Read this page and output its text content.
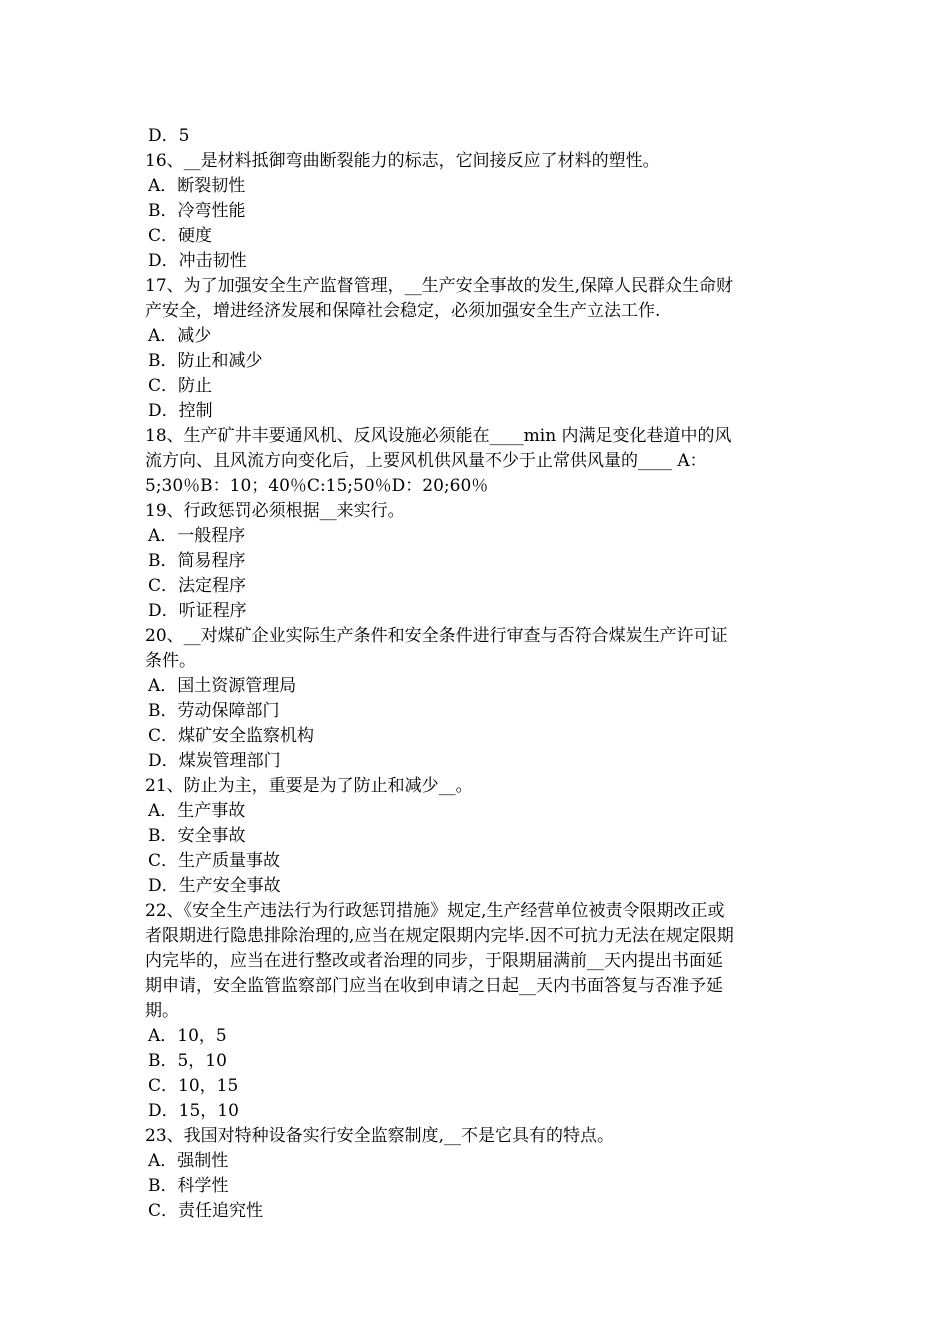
D．5
16、__是材料抵御弯曲断裂能力的标志，它间接反应了材料的塑性。
A．断裂韧性
B．冷弯性能
C．硬度
D．冲击韧性
17、为了加强安全生产监督管理，__生产安全事故的发生,保障人民群众生命财
产安全，增进经济发展和保障社会稳定，必须加强安全生产立法工作.
A．减少
B．防止和减少
C．防止
D．控制
18、生产矿井丰要通风机、反风设施必须能在____min 内满足变化巷道中的风
流方向、且风流方向变化后，上要风机供风量不少于止常供风量的____ A：
5;30％B：10；40％C:15;50％D：20;60％
19、行政惩罚必须根据__来实行。
A．一般程序
B．简易程序
C．法定程序
D．听证程序
20、__对煤矿企业实际生产条件和安全条件进行审查与否符合煤炭生产许可证
条件。
A．国土资源管理局
B．劳动保障部门
C．煤矿安全监察机构
D．煤炭管理部门
21、防止为主，重要是为了防止和减少__。
A．生产事故
B．安全事故
C．生产质量事故
D．生产安全事故
22、《安全生产违法行为行政惩罚措施》规定,生产经营单位被责令限期改正或
者限期进行隐患排除治理的,应当在规定限期内完毕.因不可抗力无法在规定限期
内完毕的，应当在进行整改或者治理的同步，于限期届满前__天内提出书面延
期申请，安全监管监察部门应当在收到申请之日起__天内书面答复与否准予延
期。
A．10，5
B．5，10
C．10，15
D．15，10
23、我国对特种设备实行安全监察制度,__不是它具有的特点。
A．强制性
B．科学性
C．责任追究性
